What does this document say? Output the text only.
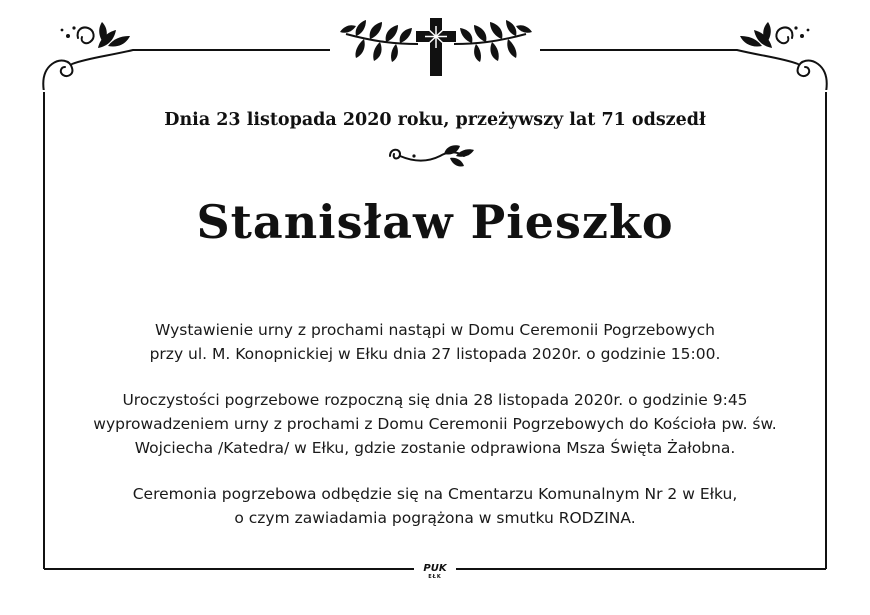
Dnia 23 listopada 2020 roku, przeżywszy lat 71 odszedł
Stanisław Pieszko

Wystawienie urny z prochami nastąpi w Domu Ceremonii Pogrzebowych
przy ul. M. Konopnickiej w Ełku dnia 27 listopada 2020r. o godzinie 15:00.

Uroczystości pogrzebowe rozpoczną się dnia 28 listopada 2020r. o godzinie 9:45
wyprowadzeniem urny z prochami z Domu Ceremonii Pogrzebowych do Kościoła pw. św.
Wojciecha /Katedra/ w Ełku, gdzie zostanie odprawiona Msza Święta Żałobna.

Ceremonia pogrzebowa odbędzie się na Cmentarzu Komunalnym Nr 2 w Ełku,
o czym zawiadamia pogrążona w smutku RODZINA.

PUK
EŁK
